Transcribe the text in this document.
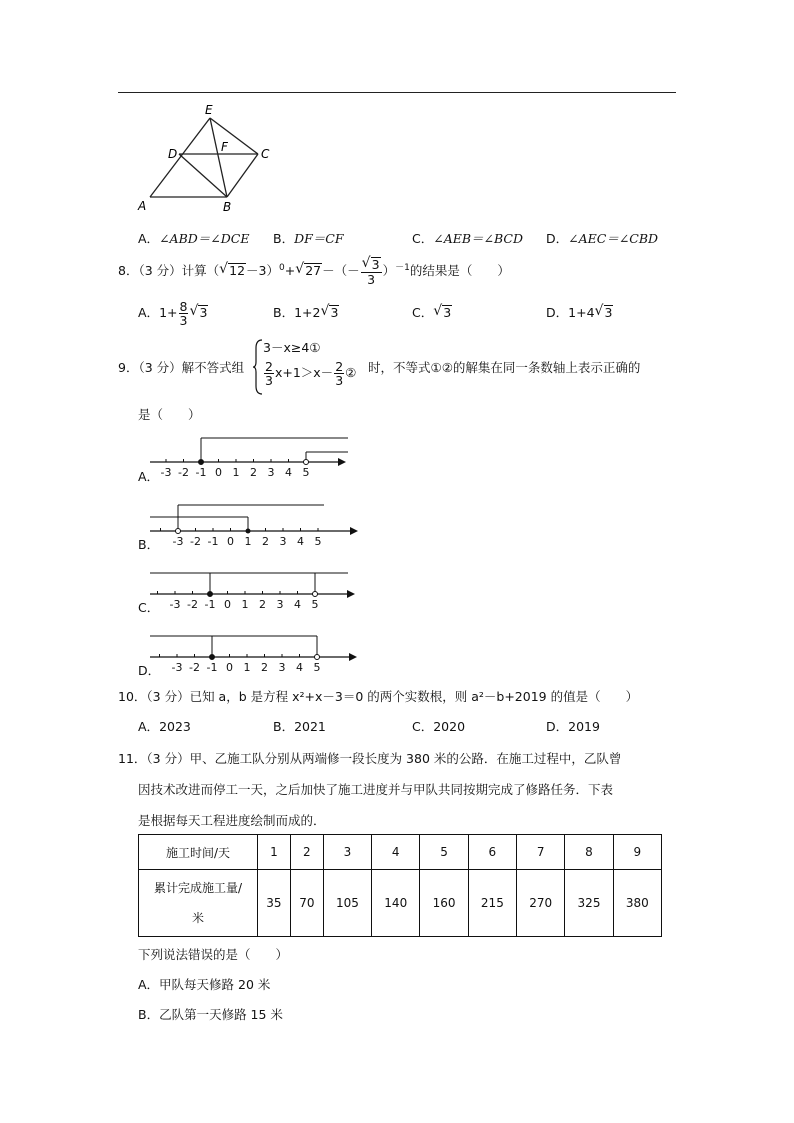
E
D	F	C
A	B
A．∠ABD＝∠DCE B．DF＝CF	C．∠AEB＝∠BCD D．∠AEC＝∠CBD
8．（3 分）计算（ √ 12－3）$^0$+ √ 27－（－ √ $\frac{3}{3} )^{-1}$的结果是（　　）
A．$1+ \frac{8}{3}$ √ 3	B．1+2 √ 3	C． √ 3	D．1+4 √ 3
9．（3 分）解不答式组
3－x≥4①
$\frac{2}{3} x+1>x- \frac{2}{3}$ ② 时，不等式①②的解集在同一条数轴上表示正确的
是（　　）
A．
B．
C．
D．
-3 -2 -1 0 1 2 3 4 5
-3 -2 -1 0 1 2 3 4 5
-3 -2 -1 0 1 2 3 4 5
-3 -2 -1 0 1 2 3 4 5
10．（3 分）已知 a，b 是方程 x²+x－3＝0 的两个实数根，则 a²－b+2019 的值是（　　）
A．2023	B．2021	C．2020	D．2019
11．（3 分）甲、乙施工队分别从两端修一段长度为 380 米的公路．在施工过程中，乙队曾
因技术改进而停工一天，之后加快了施工进度并与甲队共同按期完成了修路任务．下表
是根据每天工程进度绘制而成的．
施工时间/天	1	2	3	4	5	6	7	8	9

累计完成施工量/
米	35	70	105	140	160	215	270	325	380
下列说法错误的是（　　）
A．甲队每天修路 20 米
B．乙队第一天修路 15 米
